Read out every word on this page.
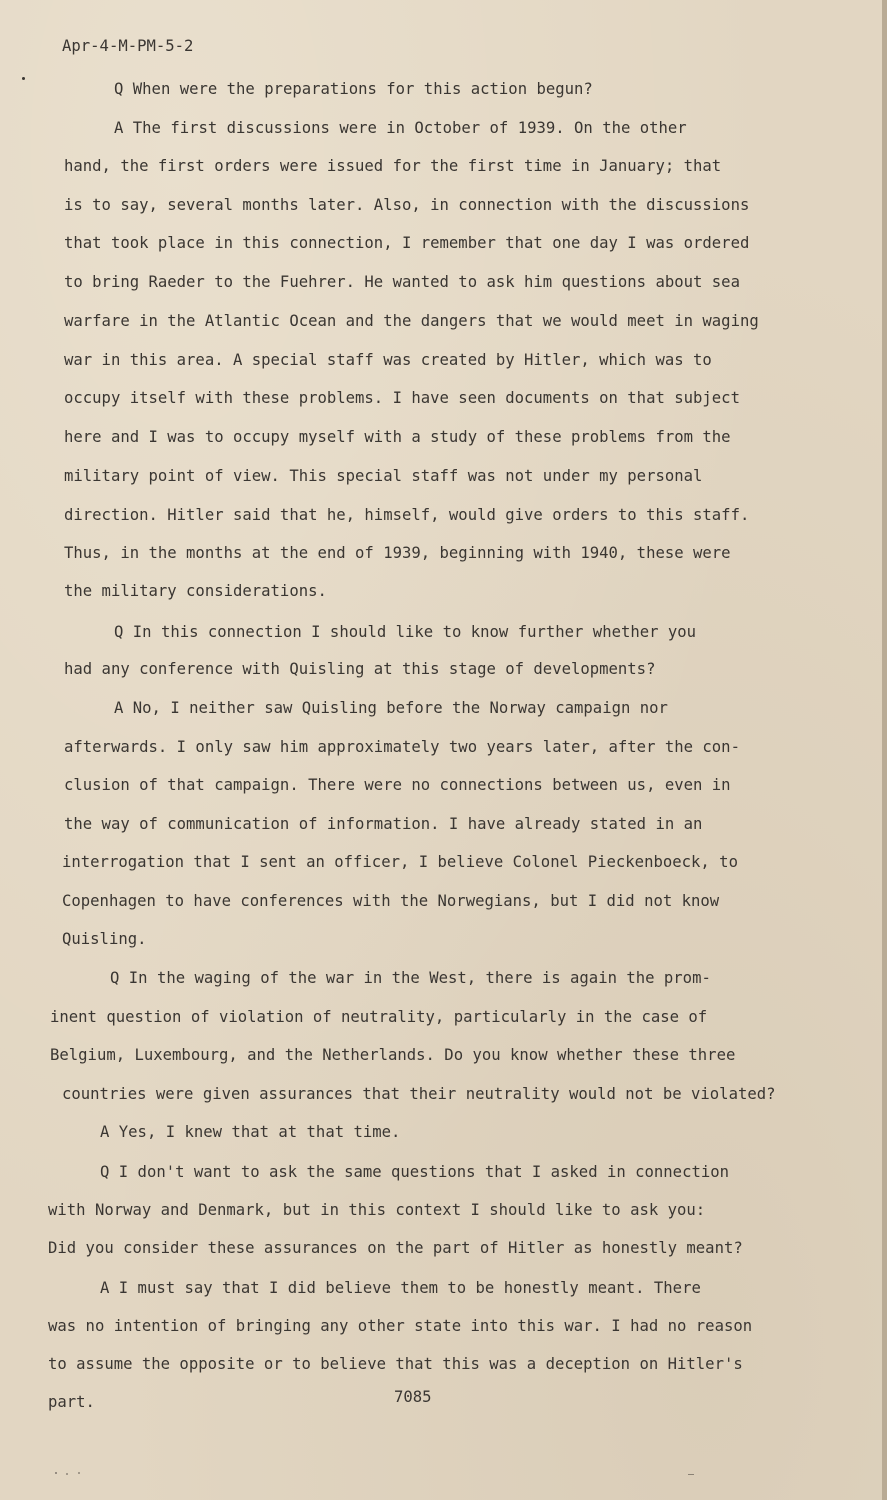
Apr-4-M-PM-5-2
Q When were the preparations for this action begun?
A The first discussions were in October of 1939. On the other
hand, the first orders were issued for the first time in January; that
is to say, several months later. Also, in connection with the discussions
that took place in this connection, I remember that one day I was ordered
to bring Raeder to the Fuehrer. He wanted to ask him questions about sea
warfare in the Atlantic Ocean and the dangers that we would meet in waging
war in this area. A special staff was created by Hitler, which was to
occupy itself with these problems. I have seen documents on that subject
here and I was to occupy myself with a study of these problems from the
military point of view. This special staff was not under my personal
direction. Hitler said that he, himself, would give orders to this staff.
Thus, in the months at the end of 1939, beginning with 1940, these were
the military considerations.
Q In this connection I should like to know further whether you
had any conference with Quisling at this stage of developments?
A No, I neither saw Quisling before the Norway campaign nor
afterwards. I only saw him approximately two years later, after the con-
clusion of that campaign. There were no connections between us, even in
the way of communication of information. I have already stated in an
interrogation that I sent an officer, I believe Colonel Pieckenboeck, to
Copenhagen to have conferences with the Norwegians, but I did not know
Quisling.
Q In the waging of the war in the West, there is again the prom-
inent question of violation of neutrality, particularly in the case of
Belgium, Luxembourg, and the Netherlands. Do you know whether these three
countries were given assurances that their neutrality would not be violated?
A Yes, I knew that at that time.
Q I don't want to ask the same questions that I asked in connection
with Norway and Denmark, but in this context I should like to ask you:
Did you consider these assurances on the part of Hitler as honestly meant?
A I must say that I did believe them to be honestly meant. There
was no intention of bringing any other state into this war. I had no reason
to assume the opposite or to believe that this was a deception on Hitler's
part.	7085
